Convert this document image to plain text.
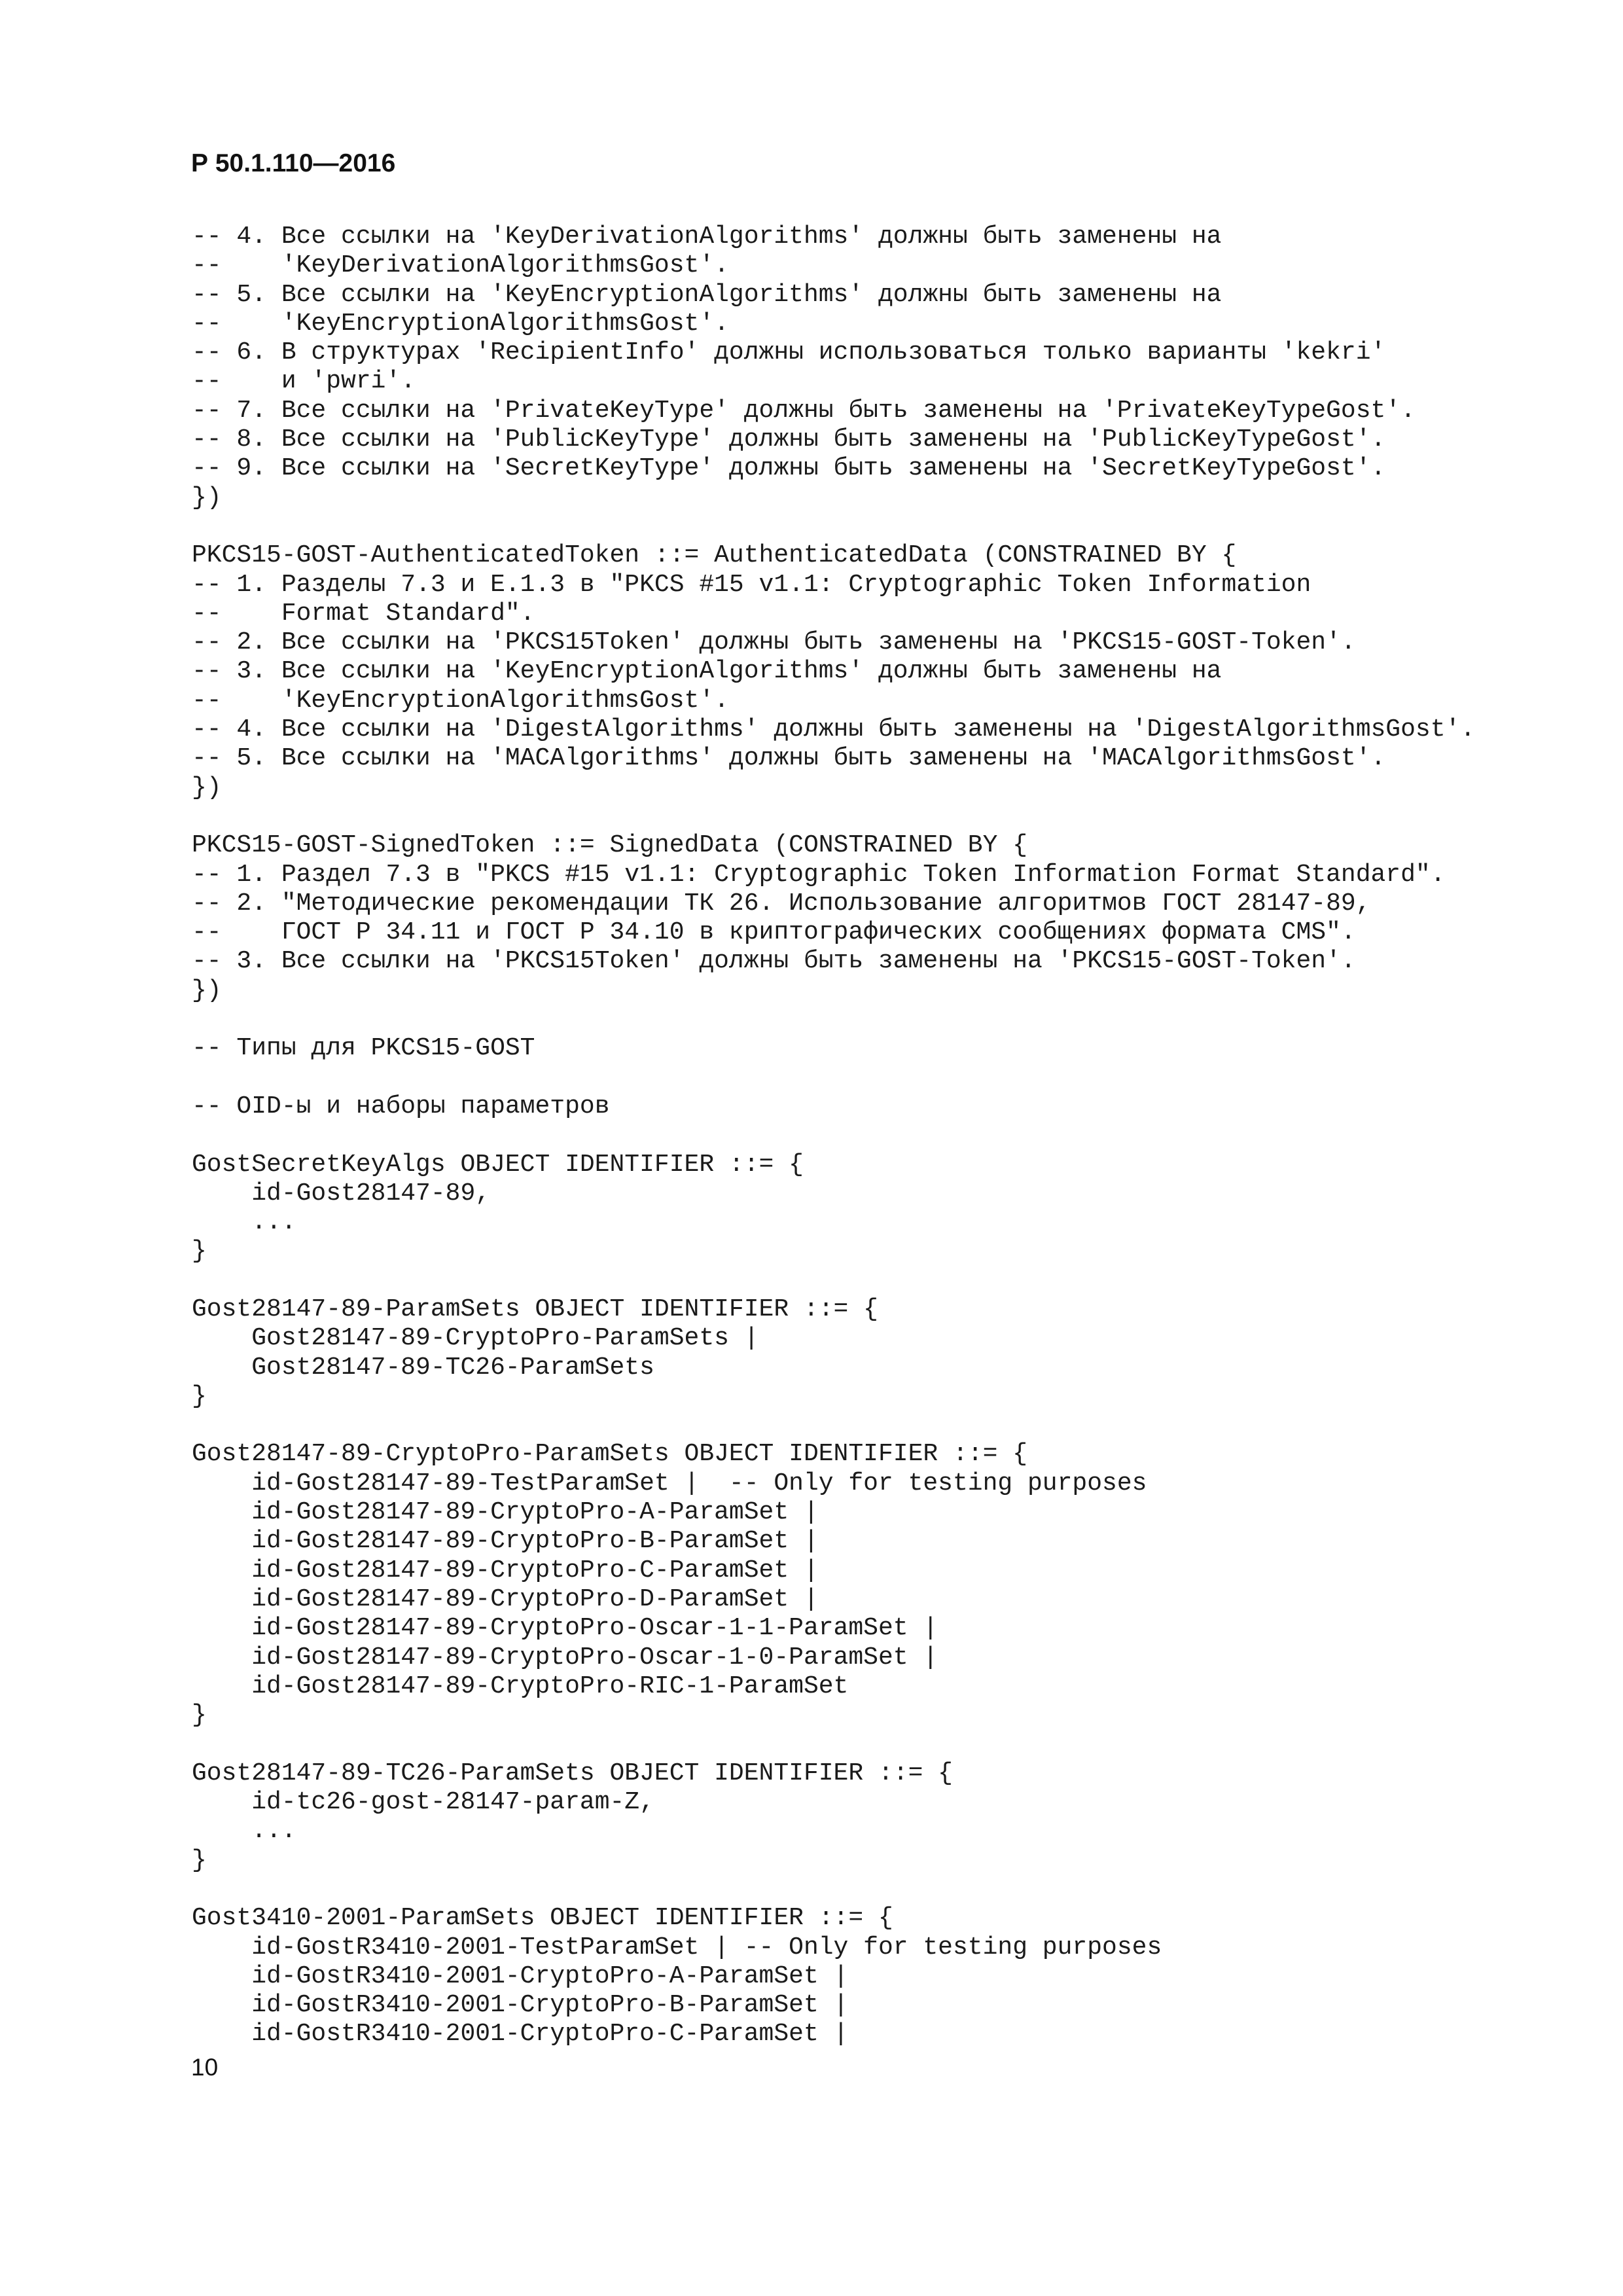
Р 50.1.110—2016
-- 4. Все ссылки на 'KeyDerivationAlgorithms' должны быть заменены на
--    'KeyDerivationAlgorithmsGost'.
-- 5. Все ссылки на 'KeyEncryptionAlgorithms' должны быть заменены на
--    'KeyEncryptionAlgorithmsGost'.
-- 6. В структурах 'RecipientInfo' должны использоваться только варианты 'kekri'
--    и 'pwri'.
-- 7. Все ссылки на 'PrivateKeyType' должны быть заменены на 'PrivateKeyTypeGost'.
-- 8. Все ссылки на 'PublicKeyType' должны быть заменены на 'PublicKeyTypeGost'.
-- 9. Все ссылки на 'SecretKeyType' должны быть заменены на 'SecretKeyTypeGost'.
})
PKCS15-GOST-AuthenticatedToken ::= AuthenticatedData (CONSTRAINED BY {
-- 1. Разделы 7.3 и E.1.3 в "PKCS #15 v1.1: Cryptographic Token Information
--    Format Standard".
-- 2. Все ссылки на 'PKCS15Token' должны быть заменены на 'PKCS15-GOST-Token'.
-- 3. Все ссылки на 'KeyEncryptionAlgorithms' должны быть заменены на
--    'KeyEncryptionAlgorithmsGost'.
-- 4. Все ссылки на 'DigestAlgorithms' должны быть заменены на 'DigestAlgorithmsGost'.
-- 5. Все ссылки на 'MACAlgorithms' должны быть заменены на 'MACAlgorithmsGost'.
})
PKCS15-GOST-SignedToken ::= SignedData (CONSTRAINED BY {
-- 1. Раздел 7.3 в "PKCS #15 v1.1: Cryptographic Token Information Format Standard".
-- 2. "Методические рекомендации ТК 26. Использование алгоритмов ГОСТ 28147-89,
--    ГОСТ Р 34.11 и ГОСТ Р 34.10 в криптографических сообщениях формата CMS".
-- 3. Все ссылки на 'PKCS15Token' должны быть заменены на 'PKCS15-GOST-Token'.
})
-- Типы для PKCS15-GOST
-- OID-ы и наборы параметров
GostSecretKeyAlgs OBJECT IDENTIFIER ::= {
id-Gost28147-89,
...
}
Gost28147-89-ParamSets OBJECT IDENTIFIER ::= {
Gost28147-89-CryptoPro-ParamSets |
Gost28147-89-TC26-ParamSets
}
Gost28147-89-CryptoPro-ParamSets OBJECT IDENTIFIER ::= {
id-Gost28147-89-TestParamSet |  -- Only for testing purposes
id-Gost28147-89-CryptoPro-A-ParamSet |
id-Gost28147-89-CryptoPro-B-ParamSet |
id-Gost28147-89-CryptoPro-C-ParamSet |
id-Gost28147-89-CryptoPro-D-ParamSet |
id-Gost28147-89-CryptoPro-Oscar-1-1-ParamSet |
id-Gost28147-89-CryptoPro-Oscar-1-0-ParamSet |
id-Gost28147-89-CryptoPro-RIC-1-ParamSet
}
Gost28147-89-TC26-ParamSets OBJECT IDENTIFIER ::= {
id-tc26-gost-28147-param-Z,
...
}
Gost3410-2001-ParamSets OBJECT IDENTIFIER ::= {
id-GostR3410-2001-TestParamSet | -- Only for testing purposes
id-GostR3410-2001-CryptoPro-A-ParamSet |
id-GostR3410-2001-CryptoPro-B-ParamSet |
id-GostR3410-2001-CryptoPro-C-ParamSet |
10
